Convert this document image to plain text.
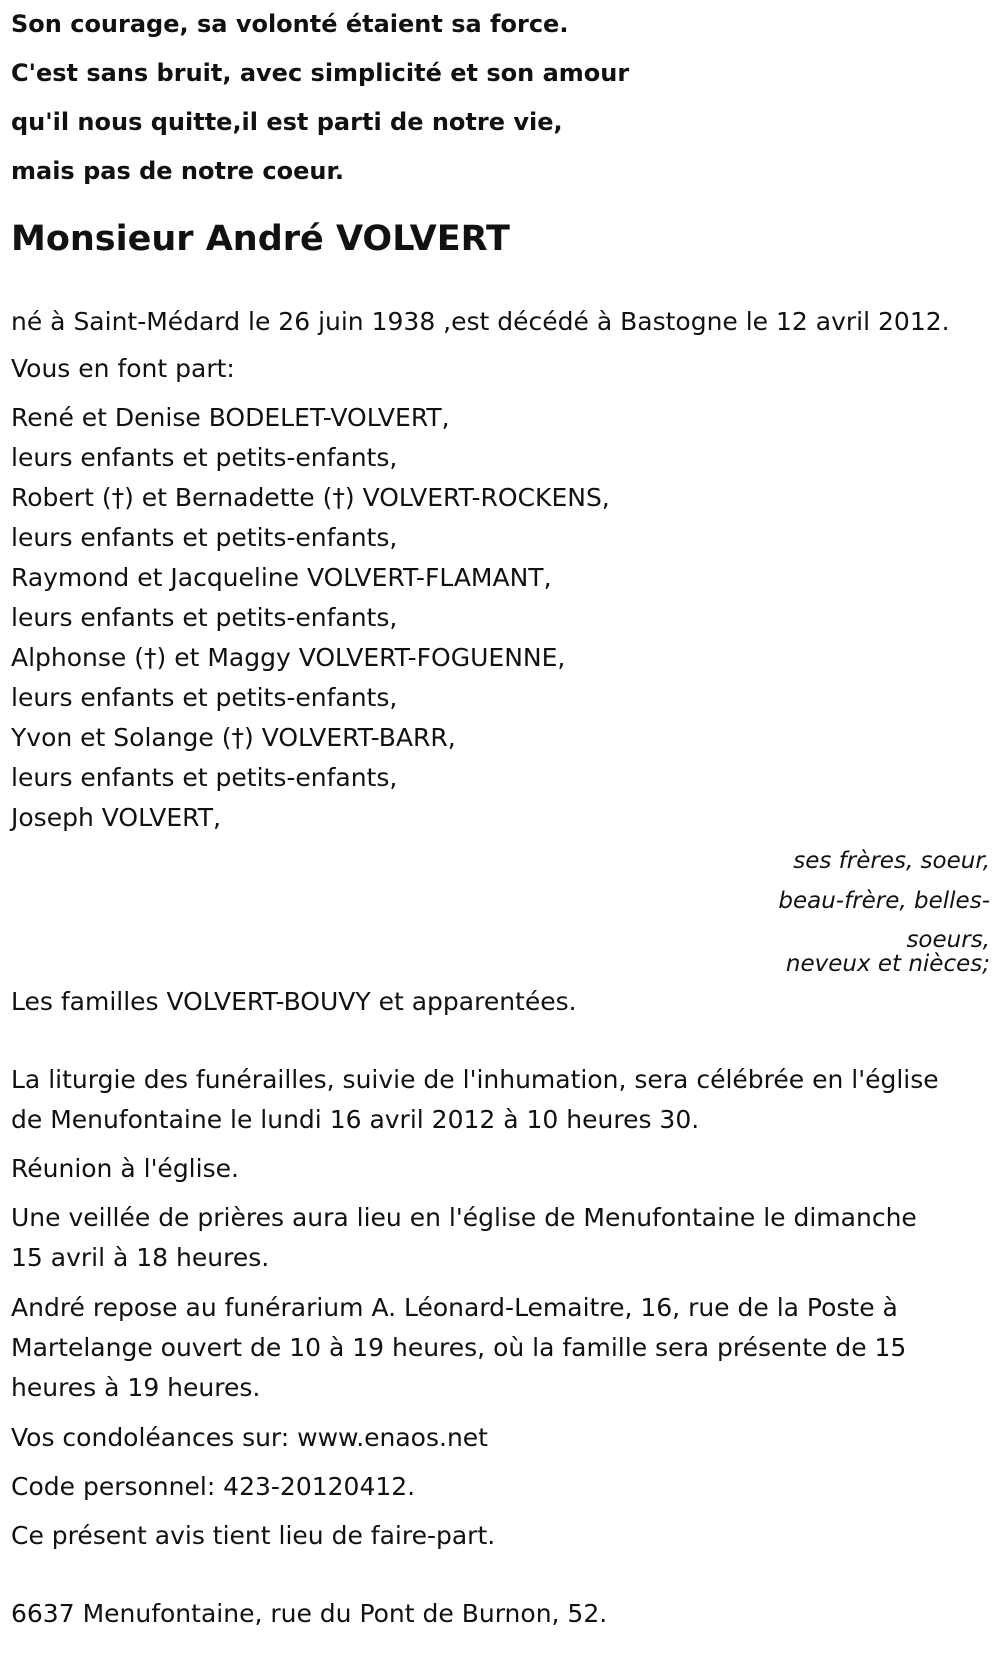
Son courage, sa volonté étaient sa force.
C'est sans bruit, avec simplicité et son amour
qu'il nous quitte,il est parti de notre vie,
mais pas de notre coeur.
Monsieur André VOLVERT
né à Saint-Médard le 26 juin 1938 ,est décédé à Bastogne le 12 avril 2012.
Vous en font part:
René et Denise BODELET-VOLVERT,
leurs enfants et petits-enfants,
Robert (†) et Bernadette (†) VOLVERT-ROCKENS,
leurs enfants et petits-enfants,
Raymond et Jacqueline VOLVERT-FLAMANT,
leurs enfants et petits-enfants,
Alphonse (†) et Maggy VOLVERT-FOGUENNE,
leurs enfants et petits-enfants,
Yvon et Solange (†) VOLVERT-BARR,
leurs enfants et petits-enfants,
Joseph VOLVERT,
ses frères, soeur,
beau-frère, belles-
soeurs,
neveux et nièces;
Les familles VOLVERT-BOUVY et apparentées.
La liturgie des funérailles, suivie de l'inhumation, sera célébrée en l'église
de Menufontaine le lundi 16 avril 2012 à 10 heures 30.
Réunion à l'église.
Une veillée de prières aura lieu en l'église de Menufontaine le dimanche
15 avril à 18 heures.
André repose au funérarium A. Léonard-Lemaitre, 16, rue de la Poste à
Martelange ouvert de 10 à 19 heures, où la famille sera présente de 15
heures à 19 heures.
Vos condoléances sur: www.enaos.net
Code personnel: 423-20120412.
Ce présent avis tient lieu de faire-part.
6637 Menufontaine, rue du Pont de Burnon, 52.
